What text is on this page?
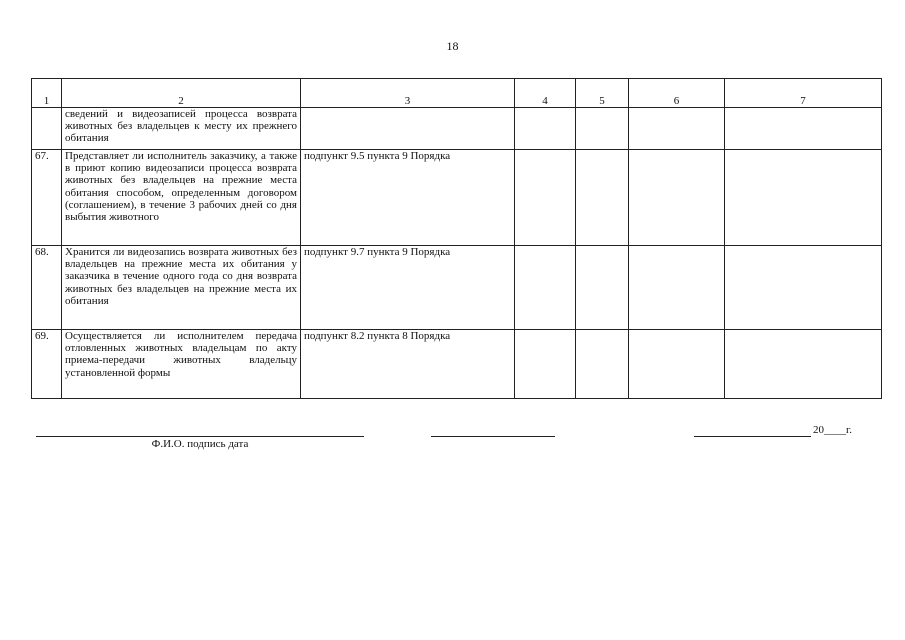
18
1	2	3	4	5	6	7
	сведений и видеозаписей процесса возврата животных без владельцев к месту их прежнего обитания					
67.	Представляет ли исполнитель заказчику, а также в приют копию видеозаписи процесса возврата животных без владельцев на прежние места обитания способом, определенным договором (соглашением), в течение 3 рабочих дней со дня выбытия животного	подпункт 9.5 пункта 9 Порядка				
68.	Хранится ли видеозапись возврата животных без владельцев на прежние места их обитания у заказчика в течение одного года со дня возврата животных без владельцев на прежние места их обитания	подпункт 9.7 пункта 9 Порядка				
69.	Осуществляется ли исполнителем передача отловленных животных владельцам по акту приема-передачи животных владельцу установленной формы	подпункт 8.2 пункта 8 Порядка				
Ф.И.О. подпись дата
20____г.
